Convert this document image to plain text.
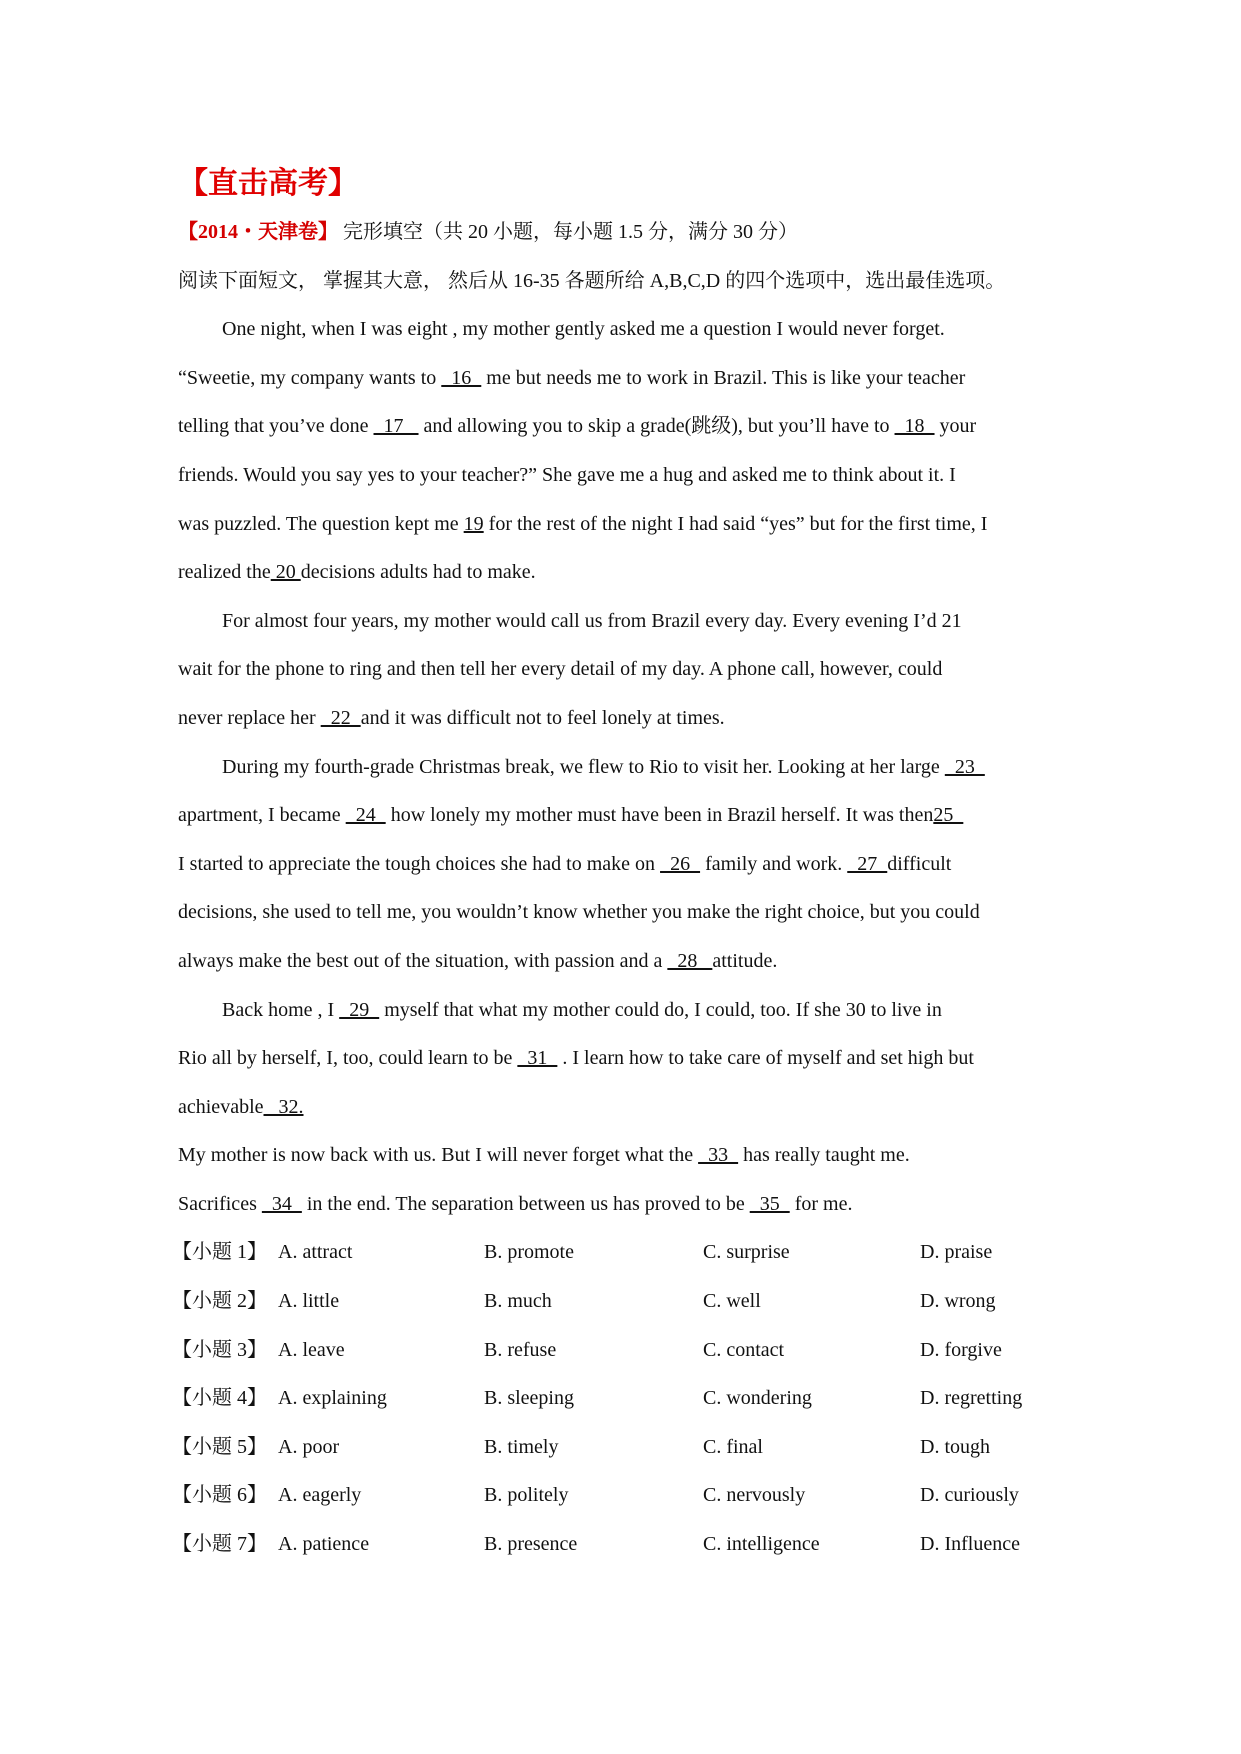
【直击高考】
【2014・天津卷】 完形填空（共 20 小题，每小题 1.5 分，满分 30 分）
阅读下面短文， 掌握其大意， 然后从 16-35 各题所给 A,B,C,D 的四个选项中，选出最佳选项。
One night, when I was eight , my mother gently asked me a question I would never forget.
“Sweetie, my company wants to   16   me but needs me to work in Brazil. This is like your teacher
telling that you’ve done   17    and allowing you to skip a grade(跳级), but you’ll have to   18   your
friends. Would you say yes to your teacher?” She gave me a hug and asked me to think about it. I
was puzzled. The question kept me 19 for the rest of the night I had said “yes” but for the first time, I
realized the 20 decisions adults had to make.
For almost four years, my mother would call us from Brazil every day. Every evening I’d 21
wait for the phone to ring and then tell her every detail of my day. A phone call, however, could
never replace her   22  and it was difficult not to feel lonely at times.
During my fourth-grade Christmas break, we flew to Rio to visit her. Looking at her large   23
apartment, I became   24   how lonely my mother must have been in Brazil herself. It was then25
I started to appreciate the tough choices she had to make on   26   family and work.   27  difficult
decisions, she used to tell me, you wouldn’t know whether you make the right choice, but you could
always make the best out of the situation, with passion and a   28   attitude.
Back home , I   29   myself that what my mother could do, I could, too. If she 30 to live in
Rio all by herself, I, too, could learn to be   31   . I learn how to take care of myself and set high but
achievable   32.
My mother is now back with us. But I will never forget what the   33   has really taught me.
Sacrifices   34   in the end. The separation between us has proved to be   35   for me.
【小题 1】 A. attract	B. promote	C. surprise	D. praise
【小题 2】 A. little	B. much	C. well	D. wrong
【小题 3】 A. leave	B. refuse	C. contact	D. forgive
【小题 4】 A. explaining	B. sleeping	C. wondering	D. regretting
【小题 5】 A. poor	B. timely	C. final	D. tough
【小题 6】 A. eagerly	B. politely	C. nervously	D. curiously
【小题 7】 A. patience	B. presence	C. intelligence	D. Influence
